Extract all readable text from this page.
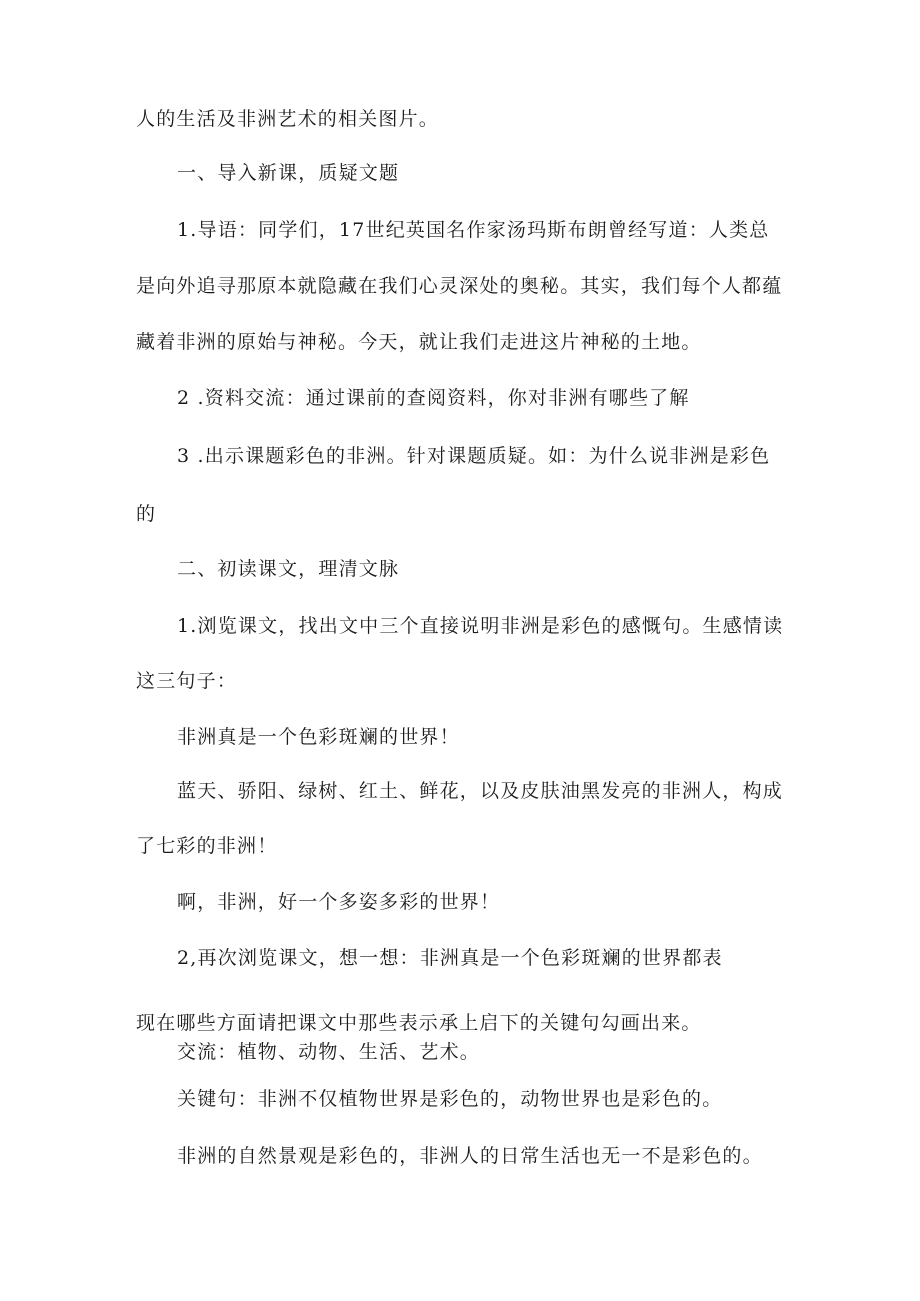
人的生活及非洲艺术的相关图片。
一、导入新课，质疑文题
1.导语：同学们，17世纪英国名作家汤玛斯布朗曾经写道：人类总
是向外追寻那原本就隐藏在我们心灵深处的奥秘。其实，我们每个人都蕴
藏着非洲的原始与神秘。今天，就让我们走进这片神秘的土地。
2 .资料交流：通过课前的查阅资料，你对非洲有哪些了解
3 .出示课题彩色的非洲。针对课题质疑。如：为什么说非洲是彩色
的
二、初读课文，理清文脉
1.浏览课文，找出文中三个直接说明非洲是彩色的感慨句。生感情读
这三句子：
非洲真是一个色彩斑斓的世界！
蓝天、骄阳、绿树、红土、鲜花，以及皮肤油黑发亮的非洲人，构成
了七彩的非洲！
啊，非洲，好一个多姿多彩的世界！
2,再次浏览课文，想一想：非洲真是一个色彩斑斓的世界都表
现在哪些方面请把课文中那些表示承上启下的关键句勾画出来。
交流：植物、动物、生活、艺术。
关键句：非洲不仅植物世界是彩色的，动物世界也是彩色的。
非洲的自然景观是彩色的，非洲人的日常生活也无一不是彩色的。
